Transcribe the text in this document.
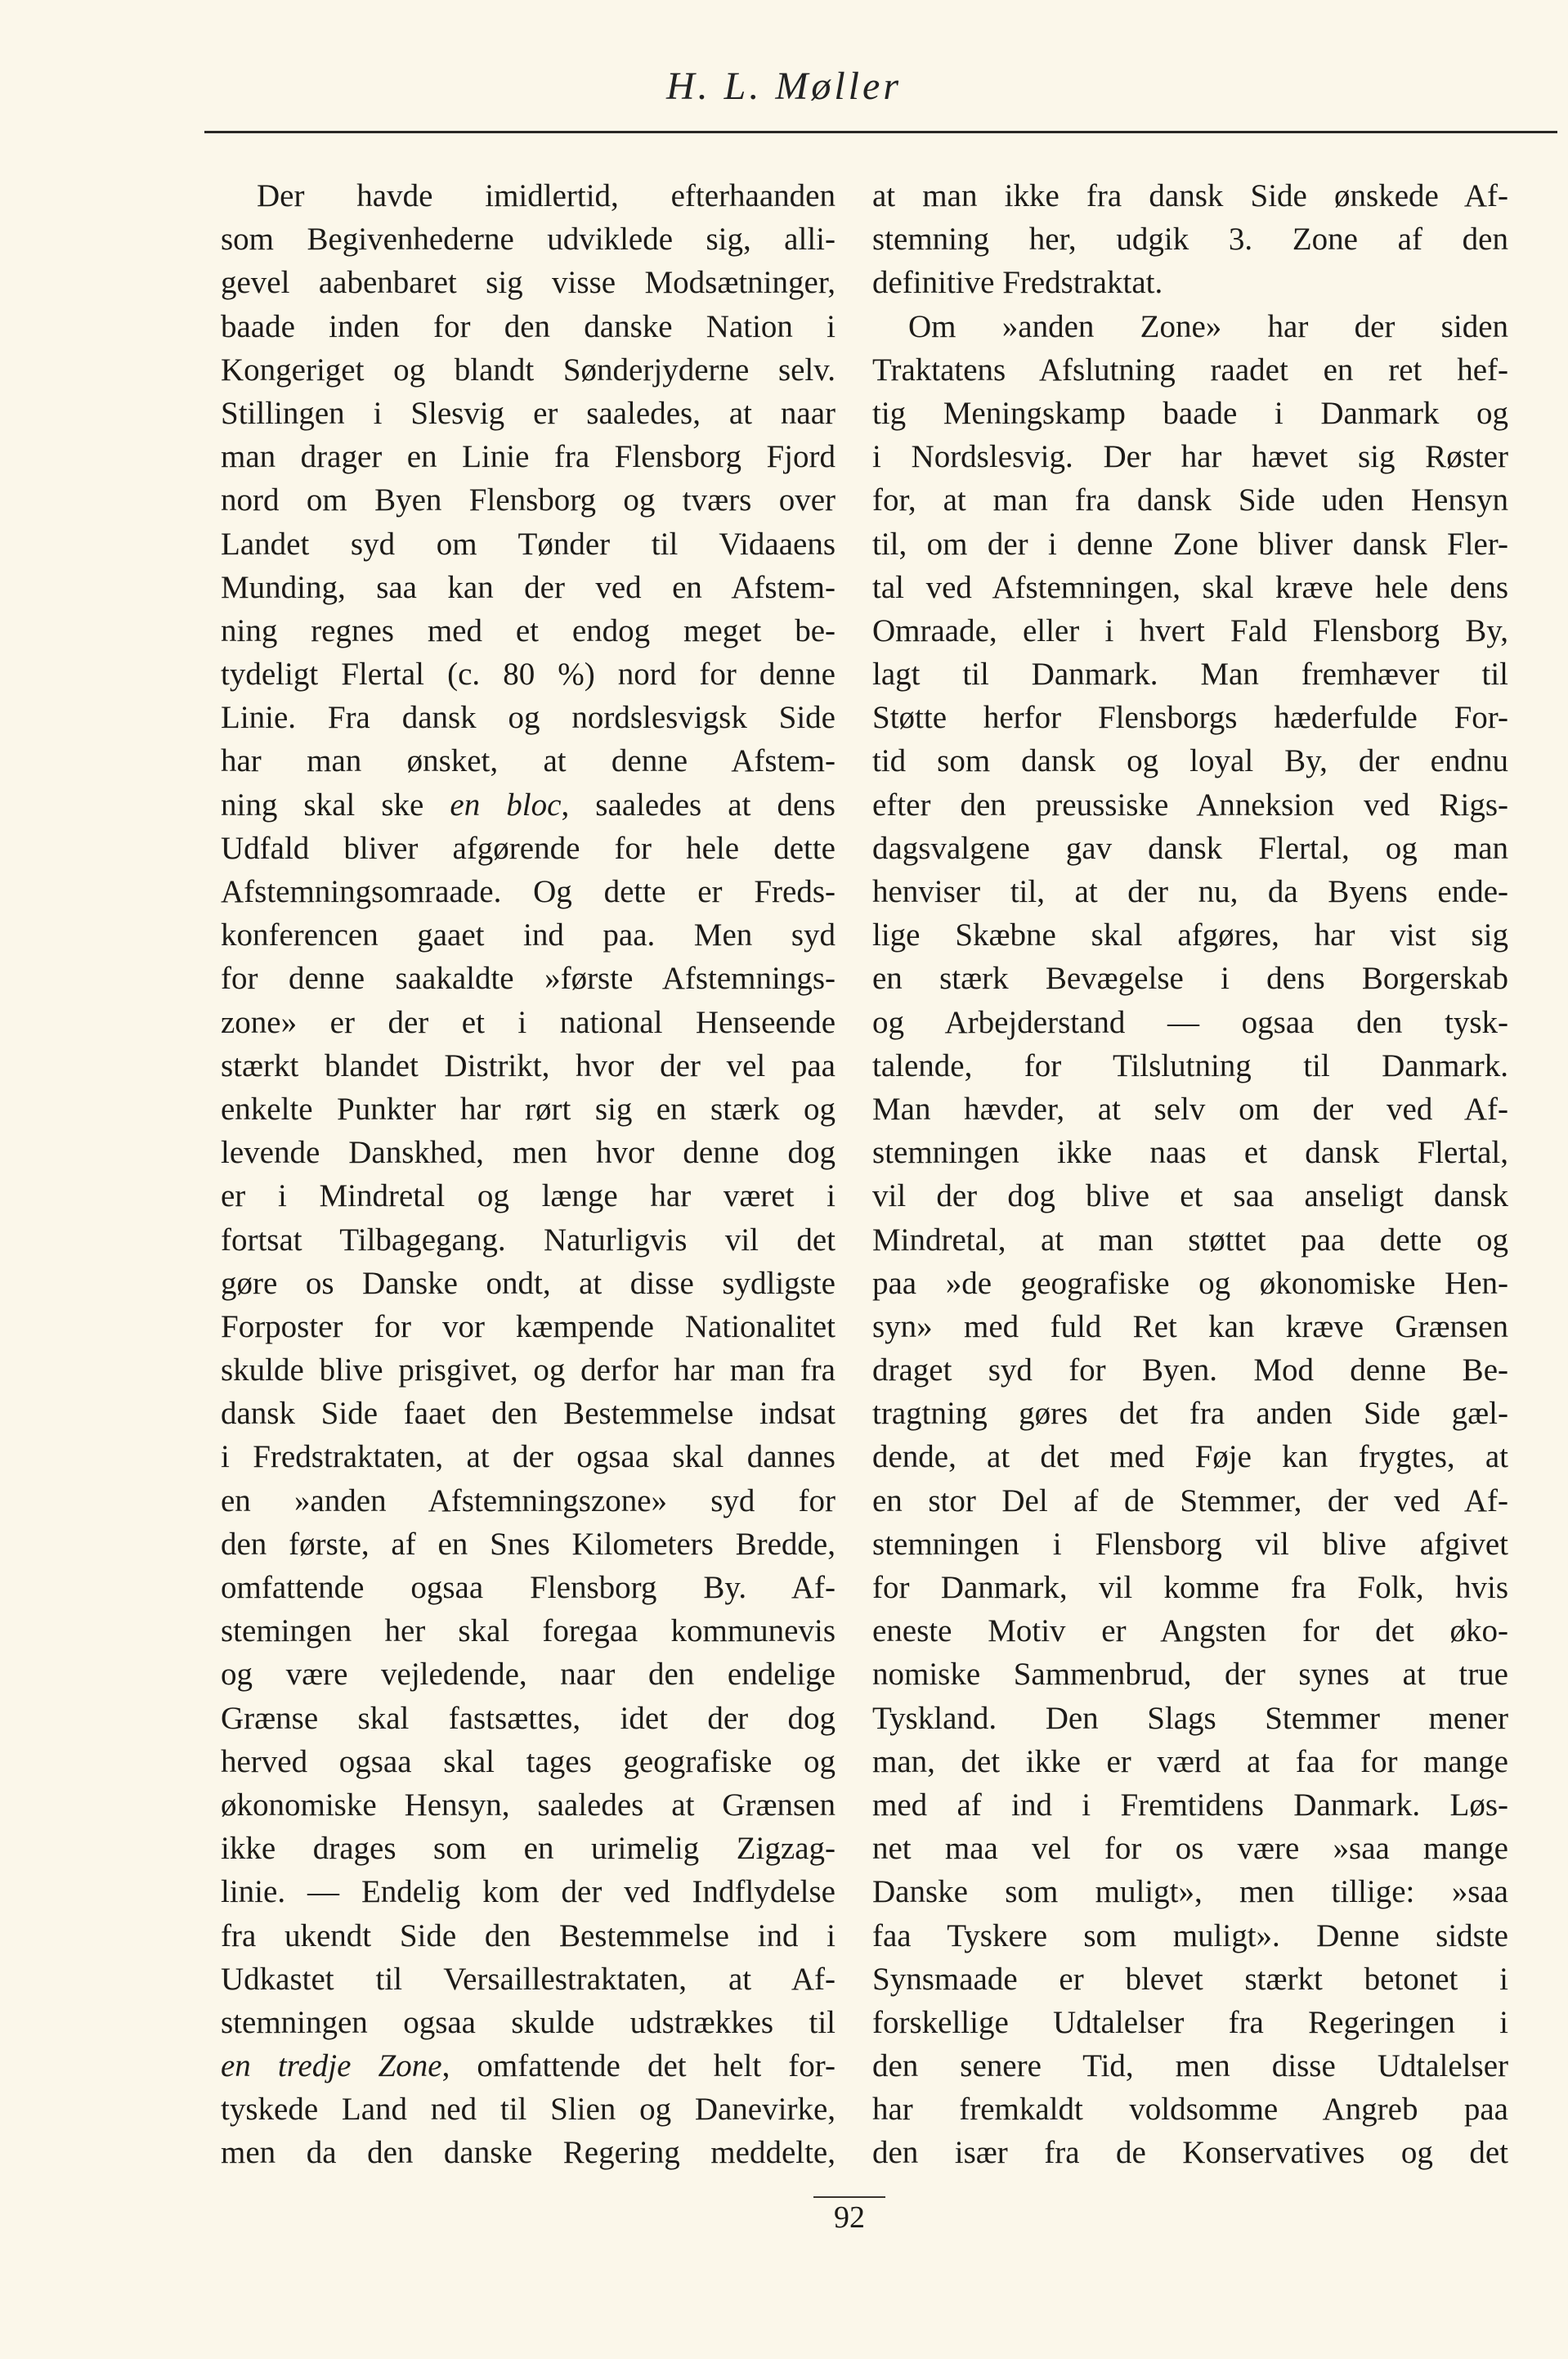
H. L. Møller
Der havde imidlertid, efterhaanden
som Begivenhederne udviklede sig, alli-
gevel aabenbaret sig visse Modsætninger,
baade inden for den danske Nation i
Kongeriget og blandt Sønderjyderne selv.
Stillingen i Slesvig er saaledes, at naar
man drager en Linie fra Flensborg Fjord
nord om Byen Flensborg og tværs over
Landet syd om Tønder til Vidaaens
Munding, saa kan der ved en Afstem-
ning regnes med et endog meget be-
tydeligt Flertal (c. 80 %) nord for denne
Linie. Fra dansk og nordslesvigsk Side
har man ønsket, at denne Afstem-
ning skal ske en bloc, saaledes at dens
Udfald bliver afgørende for hele dette
Afstemningsomraade. Og dette er Freds-
konferencen gaaet ind paa. Men syd
for denne saakaldte »første Afstemnings-
zone» er der et i national Henseende
stærkt blandet Distrikt, hvor der vel paa
enkelte Punkter har rørt sig en stærk og
levende Danskhed, men hvor denne dog
er i Mindretal og længe har været i
fortsat Tilbagegang. Naturligvis vil det
gøre os Danske ondt, at disse sydligste
Forposter for vor kæmpende Nationalitet
skulde blive prisgivet, og derfor har man fra
dansk Side faaet den Bestemmelse indsat
i Fredstraktaten, at der ogsaa skal dannes
en »anden Afstemningszone» syd for
den første, af en Snes Kilometers Bredde,
omfattende ogsaa Flensborg By. Af-
stemingen her skal foregaa kommunevis
og være vejledende, naar den endelige
Grænse skal fastsættes, idet der dog
herved ogsaa skal tages geografiske og
økonomiske Hensyn, saaledes at Grænsen
ikke drages som en urimelig Zigzag-
linie. — Endelig kom der ved Indflydelse
fra ukendt Side den Bestemmelse ind i
Udkastet til Versaillestraktaten, at Af-
stemningen ogsaa skulde udstrækkes til
en tredje Zone, omfattende det helt for-
tyskede Land ned til Slien og Danevirke,
men da den danske Regering meddelte,
at man ikke fra dansk Side ønskede Af-
stemning her, udgik 3. Zone af den
definitive Fredstraktat.
Om »anden Zone» har der siden
Traktatens Afslutning raadet en ret hef-
tig Meningskamp baade i Danmark og
i Nordslesvig. Der har hævet sig Røster
for, at man fra dansk Side uden Hensyn
til, om der i denne Zone bliver dansk Fler-
tal ved Afstemningen, skal kræve hele dens
Omraade, eller i hvert Fald Flensborg By,
lagt til Danmark. Man fremhæver til
Støtte herfor Flensborgs hæderfulde For-
tid som dansk og loyal By, der endnu
efter den preussiske Anneksion ved Rigs-
dagsvalgene gav dansk Flertal, og man
henviser til, at der nu, da Byens ende-
lige Skæbne skal afgøres, har vist sig
en stærk Bevægelse i dens Borgerskab
og Arbejderstand — ogsaa den tysk-
talende, for Tilslutning til Danmark.
Man hævder, at selv om der ved Af-
stemningen ikke naas et dansk Flertal,
vil der dog blive et saa anseligt dansk
Mindretal, at man støttet paa dette og
paa »de geografiske og økonomiske Hen-
syn» med fuld Ret kan kræve Grænsen
draget syd for Byen. Mod denne Be-
tragtning gøres det fra anden Side gæl-
dende, at det med Føje kan frygtes, at
en stor Del af de Stemmer, der ved Af-
stemningen i Flensborg vil blive afgivet
for Danmark, vil komme fra Folk, hvis
eneste Motiv er Angsten for det øko-
nomiske Sammenbrud, der synes at true
Tyskland. Den Slags Stemmer mener
man, det ikke er værd at faa for mange
med af ind i Fremtidens Danmark. Løs-
net maa vel for os være »saa mange
Danske som muligt», men tillige: »saa
faa Tyskere som muligt». Denne sidste
Synsmaade er blevet stærkt betonet i
forskellige Udtalelser fra Regeringen i
den senere Tid, men disse Udtalelser
har fremkaldt voldsomme Angreb paa
den især fra de Konservatives og det
92
